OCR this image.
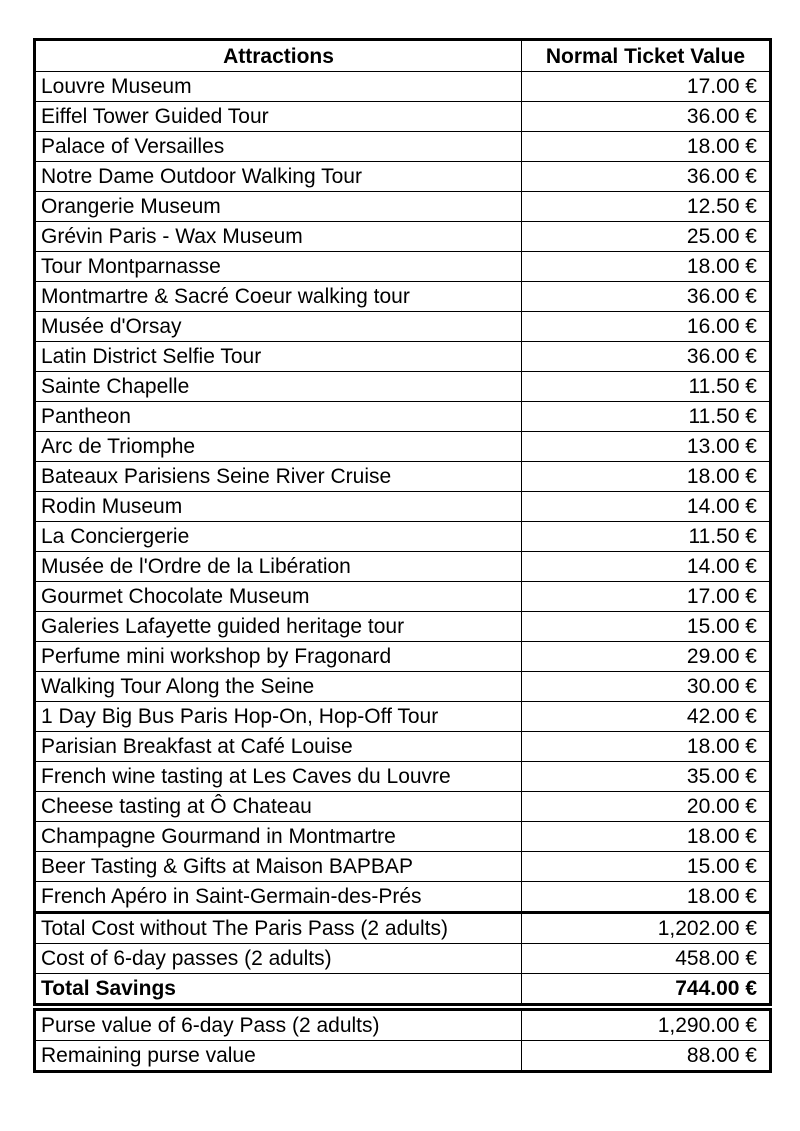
Attractions	Normal Ticket Value
Louvre Museum	17.00 €
Eiffel Tower Guided Tour	36.00 €
Palace of Versailles	18.00 €
Notre Dame Outdoor Walking Tour	36.00 €
Orangerie Museum	12.50 €
Grévin Paris - Wax Museum	25.00 €
Tour Montparnasse	18.00 €
Montmartre & Sacré Coeur walking tour	36.00 €
Musée d'Orsay	16.00 €
Latin District Selfie Tour	36.00 €
Sainte Chapelle	11.50 €
Pantheon	11.50 €
Arc de Triomphe	13.00 €
Bateaux Parisiens Seine River Cruise	18.00 €
Rodin Museum	14.00 €
La Conciergerie	11.50 €
Musée de l'Ordre de la Libération	14.00 €
Gourmet Chocolate Museum	17.00 €
Galeries Lafayette guided heritage tour	15.00 €
Perfume mini workshop by Fragonard	29.00 €
Walking Tour Along the Seine	30.00 €
1 Day Big Bus Paris Hop-On, Hop-Off Tour	42.00 €
Parisian Breakfast at Café Louise	18.00 €
French wine tasting at Les Caves du Louvre	35.00 €
Cheese tasting at Ô Chateau	20.00 €
Champagne Gourmand in Montmartre	18.00 €
Beer Tasting & Gifts at Maison BAPBAP	15.00 €
French Apéro in Saint-Germain-des-Prés	18.00 €
Total Cost without The Paris Pass (2 adults)	1,202.00 €
Cost of 6-day passes (2 adults)	458.00 €
Total Savings	744.00 €
Purse value of 6-day Pass (2 adults)	1,290.00 €
Remaining purse value	88.00 €
